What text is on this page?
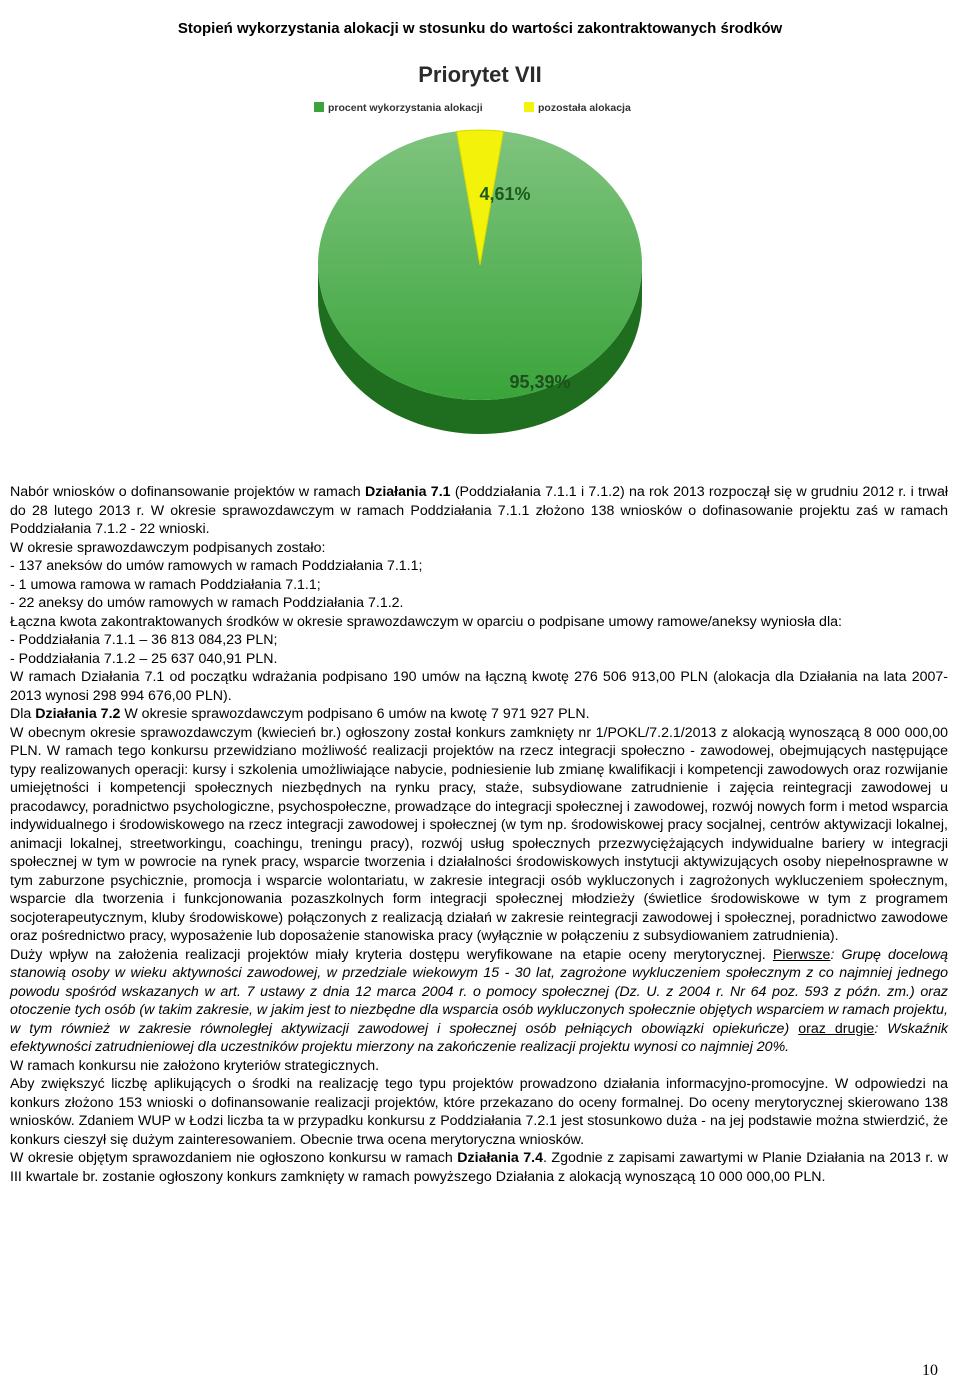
Stopień wykorzystania alokacji w stosunku do wartości zakontraktowanych środków
Priorytet VII
procent wykorzystania alokacji	pozostała alokacja
4,61%
95,39%

Nabór wniosków o dofinansowanie projektów w ramach Działania 7.1 (Poddziałania 7.1.1 i 7.1.2) na rok 2013 rozpoczął się w grudniu 2012 r. i trwał do 28 lutego 2013 r. W okresie sprawozdawczym w ramach Poddziałania 7.1.1 złożono 138 wniosków o dofinasowanie projektu zaś w ramach Poddziałania 7.1.2 - 22 wnioski.

W okresie sprawozdawczym podpisanych zostało:

- 137 aneksów do umów ramowych w ramach Poddziałania 7.1.1;

- 1 umowa ramowa w ramach Poddziałania 7.1.1;

- 22 aneksy do umów ramowych w ramach Poddziałania 7.1.2.

Łączna kwota zakontraktowanych środków w okresie sprawozdawczym w oparciu o podpisane umowy ramowe/aneksy wyniosła dla:

- Poddziałania 7.1.1 – 36 813 084,23 PLN;

- Poddziałania 7.1.2 – 25 637 040,91 PLN.

W ramach Działania 7.1 od początku wdrażania podpisano 190 umów na łączną kwotę 276 506 913,00 PLN (alokacja dla Działania na lata 2007-2013 wynosi 298 994 676,00 PLN).

Dla Działania 7.2 W okresie sprawozdawczym podpisano 6 umów na kwotę 7 971 927 PLN.

W obecnym okresie sprawozdawczym (kwiecień br.) ogłoszony został konkurs zamknięty nr 1/POKL/7.2.1/2013 z alokacją wynoszącą 8 000 000,00 PLN. W ramach tego konkursu przewidziano możliwość realizacji projektów na rzecz integracji społeczno - zawodowej, obejmujących następujące typy realizowanych operacji: kursy i szkolenia umożliwiające nabycie, podniesienie lub zmianę kwalifikacji i kompetencji zawodowych oraz rozwijanie umiejętności i kompetencji społecznych niezbędnych na rynku pracy, staże, subsydiowane zatrudnienie i zajęcia reintegracji zawodowej u pracodawcy, poradnictwo psychologiczne, psychospołeczne, prowadzące do integracji społecznej i zawodowej, rozwój nowych form i metod wsparcia indywidualnego i środowiskowego na rzecz integracji zawodowej i społecznej (w tym np. środowiskowej pracy socjalnej, centrów aktywizacji lokalnej, animacji lokalnej, streetworkingu, coachingu, treningu pracy), rozwój usług społecznych przezwyciężających indywidualne bariery w integracji społecznej w tym w powrocie na rynek pracy, wsparcie tworzenia i działalności środowiskowych instytucji aktywizujących osoby niepełnosprawne w tym zaburzone psychicznie, promocja i wsparcie wolontariatu, w zakresie integracji osób wykluczonych i zagrożonych wykluczeniem społecznym, wsparcie dla tworzenia i funkcjonowania pozaszkolnych form integracji społecznej młodzieży (świetlice środowiskowe w tym z programem socjoterapeutycznym, kluby środowiskowe) połączonych z realizacją działań w zakresie reintegracji zawodowej i społecznej, poradnictwo zawodowe oraz pośrednictwo pracy, wyposażenie lub doposażenie stanowiska pracy (wyłącznie w połączeniu z subsydiowaniem zatrudnienia).

Duży wpływ na założenia realizacji projektów miały kryteria dostępu weryfikowane na etapie oceny merytorycznej. Pierwsze: Grupę docelową stanowią osoby w wieku aktywności zawodowej, w przedziale wiekowym 15 - 30 lat, zagrożone wykluczeniem społecznym z co najmniej jednego powodu spośród wskazanych w art. 7 ustawy z dnia 12 marca 2004 r. o pomocy społecznej (Dz. U. z 2004 r. Nr 64 poz. 593 z późn. zm.) oraz otoczenie tych osób (w takim zakresie, w jakim jest to niezbędne dla wsparcia osób wykluczonych społecznie objętych wsparciem w ramach projektu, w tym również w zakresie równoległej aktywizacji zawodowej i społecznej osób pełniących obowiązki opiekuńcze) oraz drugie: Wskaźnik efektywności zatrudnieniowej dla uczestników projektu mierzony na zakończenie realizacji projektu wynosi co najmniej 20%.

W ramach konkursu nie założono kryteriów strategicznych.

Aby zwiększyć liczbę aplikujących o środki na realizację tego typu projektów prowadzono działania informacyjno-promocyjne. W odpowiedzi na konkurs złożono 153 wnioski o dofinansowanie realizacji projektów, które przekazano do oceny formalnej. Do oceny merytorycznej skierowano 138 wniosków. Zdaniem WUP w Łodzi liczba ta w przypadku konkursu z Poddziałania 7.2.1 jest stosunkowo duża - na jej podstawie można stwierdzić, że konkurs cieszył się dużym zainteresowaniem. Obecnie trwa ocena merytoryczna wniosków.

W okresie objętym sprawozdaniem nie ogłoszono konkursu w ramach Działania 7.4. Zgodnie z zapisami zawartymi w Planie Działania na 2013 r. w III kwartale br. zostanie ogłoszony konkurs zamknięty w ramach powyższego Działania z alokacją wynoszącą 10 000 000,00 PLN.

10
